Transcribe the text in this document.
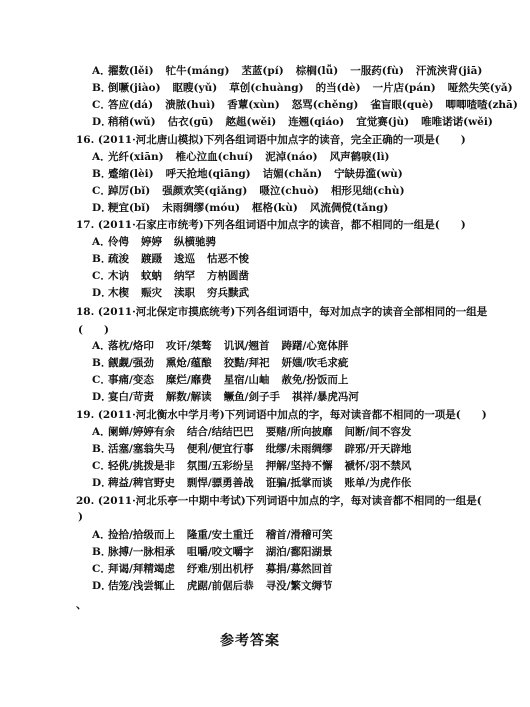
A．擢数(lěi) 牤牛(máng) 苤蓝(pí) 棕榈(lǚ) 一服药(fù) 汗流浃背(jiā)
B．倒噘(jiào) 眍瞍(yǔ) 草创(chuàng) 的当(dè) 一片店(pán) 哑然失笑(yǎ)
C．答应(dá) 溃脓(huì) 香蕈(xùn) 怒骂(chěng) 雀盲眼(què) 唧唧喳喳(zhā)
D．稍稍(wǔ) 估衣(gū) 趑趄(wěi) 连翘(qiáo) 宜觉赛(jù) 唯唯诺诺(wěi)
16. (2011·河北唐山模拟)下列各组词语中加点字的读音，完全正确的一项是(　　)
A．光纤(xiān) 椎心泣血(chuí) 泥淖(náo) 风声鹤唳(lì)
B．蹙缩(lèi) 呼天抢地(qiāng) 诘媚(chǎn) 宁缺毋滥(wù)
C．踔厉(bǐ) 强颜欢笑(qiǎng) 嗫泣(chuò) 相形见绌(chù)
D．粳宜(bǐ) 未雨绸缪(móu) 框格(kù) 风流倜傥(tǎng)
17. (2011·石家庄市统考)下列各组词语中加点字的读音，都不相同的一组是(　　)
A．伶俜 婷婷 纵横驰骋
B．疏浚 踱蹑 逡巡 怙恶不悛
C．木讷 蚊蚋 纳罕 方枘圆凿
D．木楔 赈灾 渎职 穷兵黩武
18. (2011·河北保定市摸底统考)下列各组词语中，每对加点字的读音全部相同的一组是
(　　)
A．落枕/烙印 攻讦/桀骜 讥讽/翘首 踌躇/心宽体胖
B．觎觑/强劲 熏炝/蕴酿 狡黠/拜祀 妍媸/吹毛求疵
C．事痛/变态 糜烂/靡费 星宿/山岫 赦免/扮饭而上
D．宴白/苛责 解数/解读 鳜鱼/剑子手 祺祥/暴虎冯河
19. (2011·河北衡水中学月考)下列词语中加点的字，每对读音都不相同的一项是(　　)
A．阑蝉/婷婷有余 结合/结结巴巴 要赌/所向披靡 间断/间不容发
B．活塞/塞翁失马 便利/便宜行事 纰缪/未雨绸缪 辟邪/开天辟地
C．轻佻/挑拨是非 氛围/五彩纷呈 押解/坚持不懈 褫怀/羽不禁风
D．稗益/稗官野史 剽悍/骠勇善战 诳骗/抵掌而谈 账单/为虎作伥
20. (2011·河北乐亭一中期中考试)下列词语中加点的字，每对读音都不相同的一组是(
)
A．捡拾/拾级而上 隆重/安土重迁 稽首/滑稽可笑
B．脉搏/一脉相承 咀嚼/咬文嚼字 湖泊/鄱阳湖景
C．拜谒/拜精竭虑 纾难/别出机杼 募捐/募然回首
D．佶笼/浅尝辄止 虎踞/前倨后恭 寻没/繁文缛节
、
参考答案
